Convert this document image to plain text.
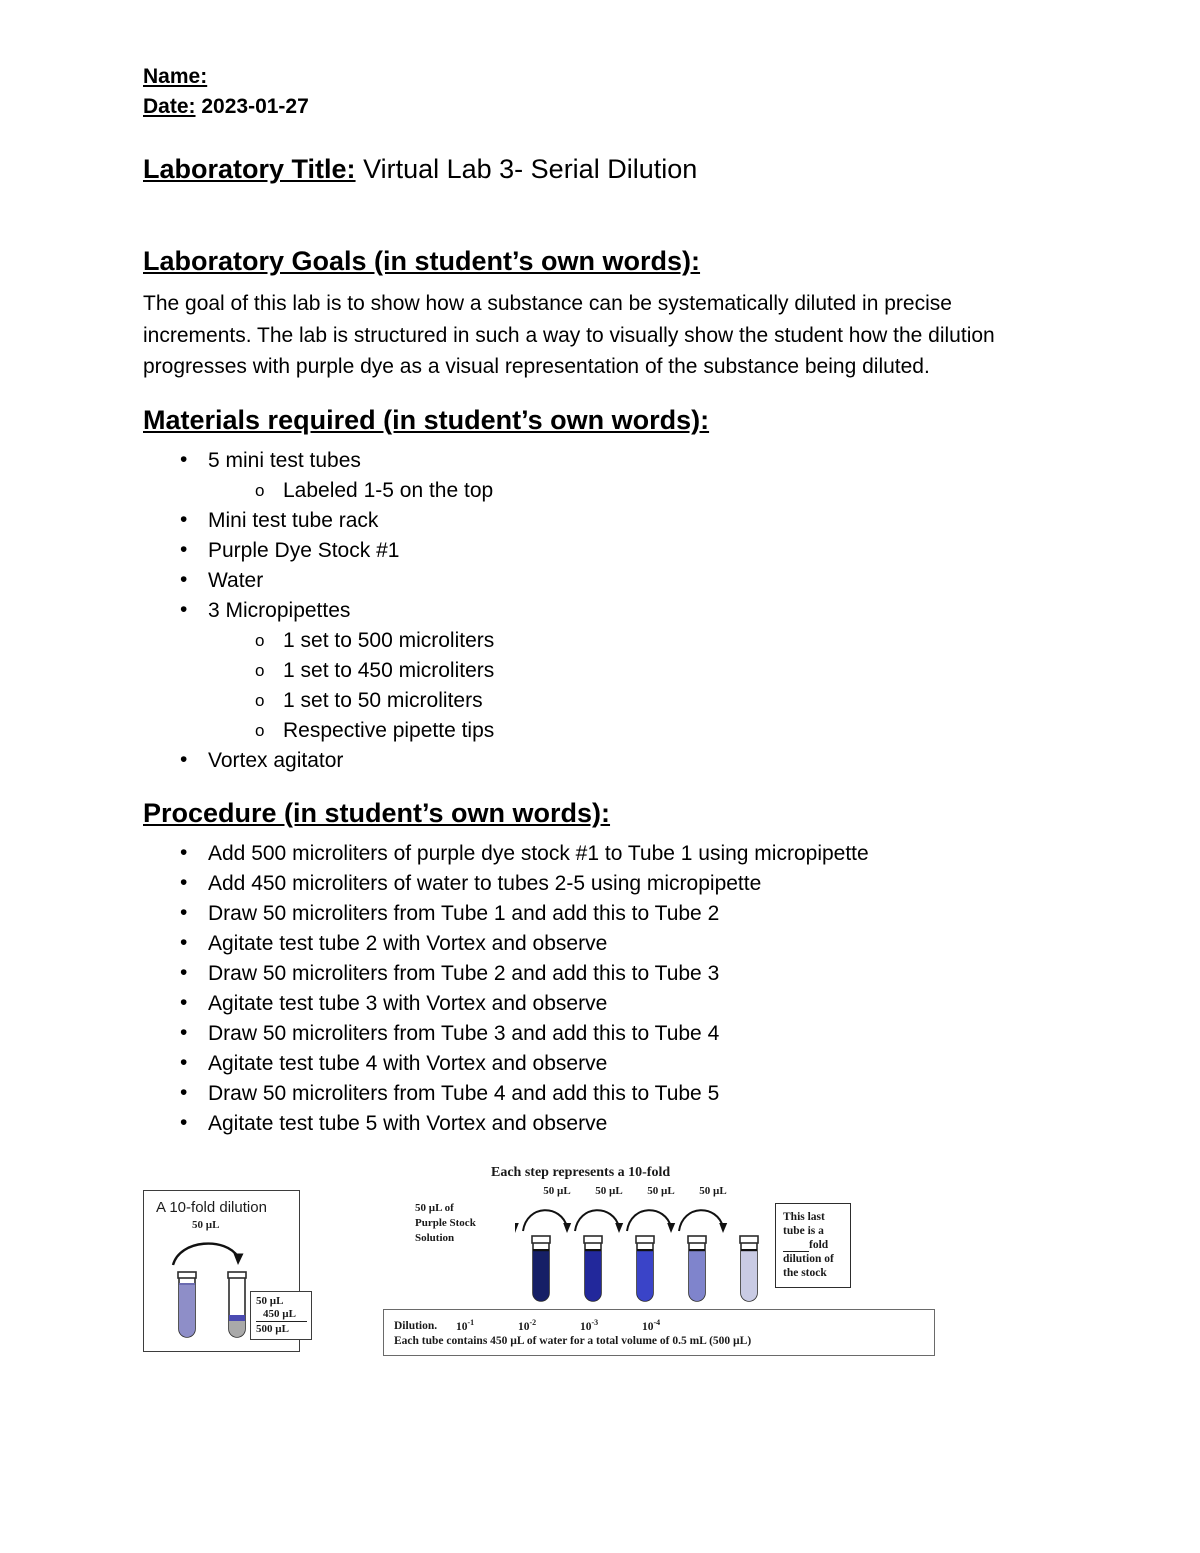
Name:
Date: 2023-01-27
Laboratory Title: Virtual Lab 3- Serial Dilution
Laboratory Goals (in student’s own words):

The goal of this lab is to show how a substance can be systematically diluted in precise increments. The lab is structured in such a way to visually show the student how the dilution progresses with purple dye as a visual representation of the substance being diluted.

Materials required (in student’s own words):
• 5 mini test tubes
o Labeled 1-5 on the top
• Mini test tube rack
• Purple Dye Stock #1
• Water
• 3 Micropipettes
o 1 set to 500 microliters
o 1 set to 450 microliters
o 1 set to 50 microliters
o Respective pipette tips
• Vortex agitator
Procedure (in student’s own words):
• Add 500 microliters of purple dye stock #1 to Tube 1 using micropipette
• Add 450 microliters of water to tubes 2-5 using micropipette
• Draw 50 microliters from Tube 1 and add this to Tube 2
• Agitate test tube 2 with Vortex and observe
• Draw 50 microliters from Tube 2 and add this to Tube 3
• Agitate test tube 3 with Vortex and observe
• Draw 50 microliters from Tube 3 and add this to Tube 4
• Agitate test tube 4 with Vortex and observe
• Draw 50 microliters from Tube 4 and add this to Tube 5
• Agitate test tube 5 with Vortex and observe
A 10-fold dilution
50 µL
50 µL
450 µL
500 µL
Each step represents a 10-fold
50 µL of
Purple Stock
Solution
50 µL	50 µL	50 µL	50 µL
This last
tube is a
fold
dilution of
the stock
Dilution. $10^{-1}$	$10^{-2}$	$10^{-3}$	$10^{-4}$
Each tube contains 450 µL of water for a total volume of 0.5 mL (500 µL)
